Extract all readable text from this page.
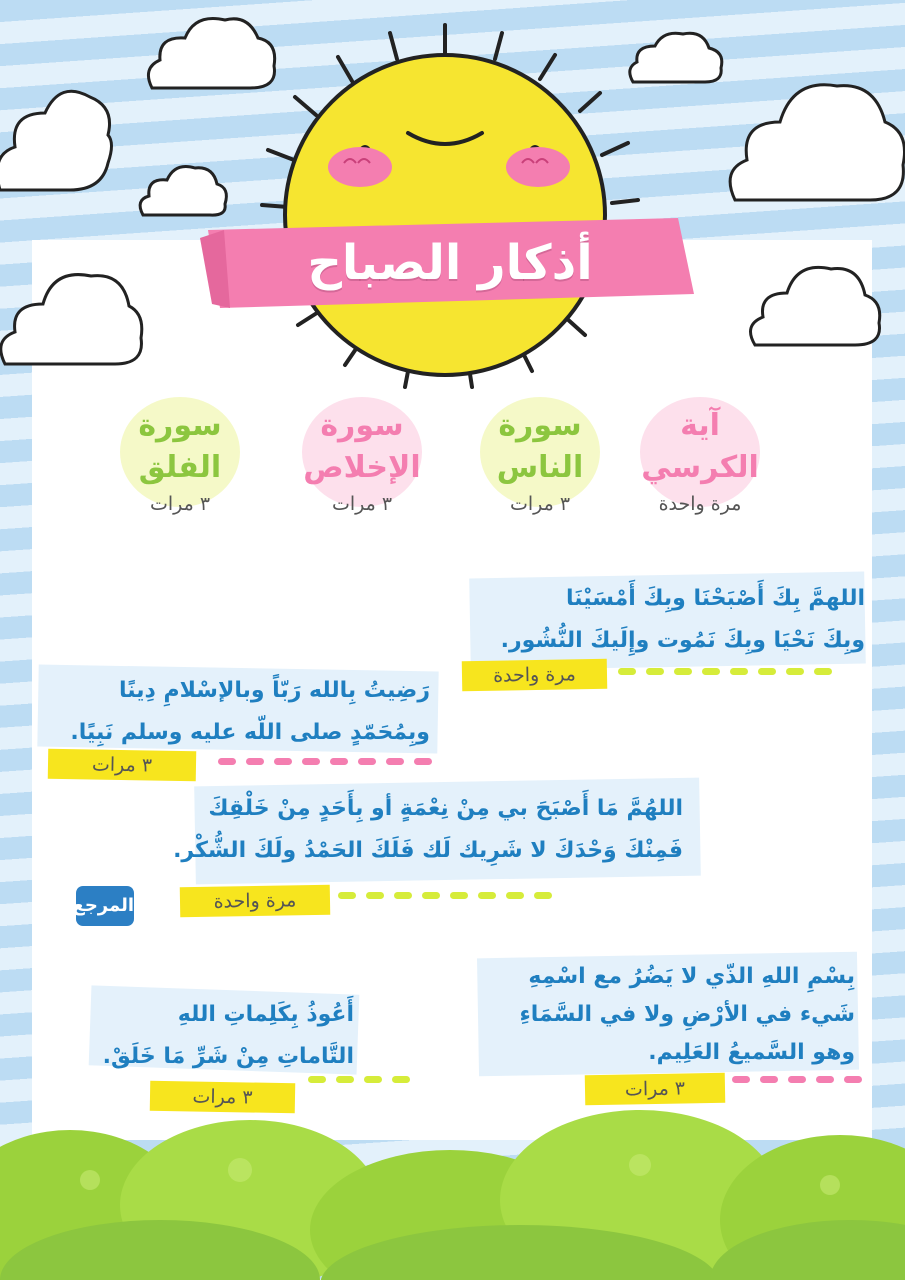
أذكار الصباح
آية
الكرسي
مرة واحدة
سورة
الناس
٣ مرات
سورة
الإخلاص
٣ مرات
سورة
الفلق
٣ مرات
اللهمَّ بِكَ أَصْبَحْنَا وبِكَ أَمْسَيْنَا
وبِكَ نَحْيَا وبِكَ نَمُوت وإِلَيكَ النُّشُور.
مرة واحدة
رَضِيتُ بِالله رَبّاً وبالإسْلامِ دِينًا
وبِمُحَمّدٍ صلى اللّه عليه وسلم نَبِيًا.
٣ مرات
اللهُمَّ مَا أَصْبَحَ بي مِنْ نِعْمَةٍ أو بِأَحَدٍ مِنْ خَلْقِكَ
فَمِنْكَ وَحْدَكَ لا شَرِيك لَك فَلَكَ الحَمْدُ ولَكَ الشُّكْر.
مرة واحدة
المرجع
بِسْمِ اللهِ الذّي لا يَضُرُ مع اسْمِهِ
شَيء في الأرْضِ ولا في السَّمَاءِ
وهو السَّميعُ العَلِيم.
٣ مرات
أَعُوذُ بِكَلِماتِ اللهِ
التَّاماتِ مِنْ شَرِّ مَا خَلَقْ.
٣ مرات
